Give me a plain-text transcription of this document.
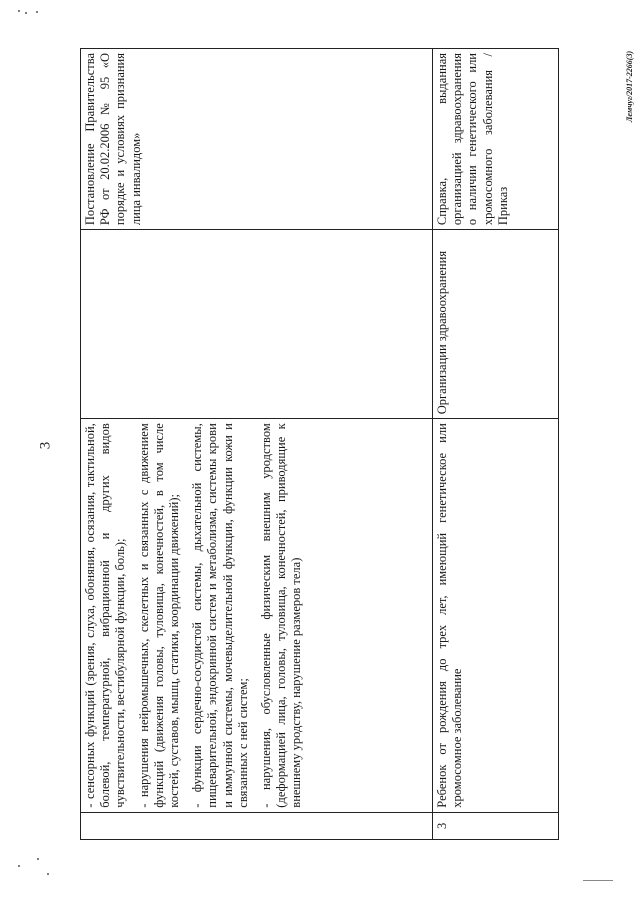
3
Лемчуг/2017-2266(3)

	- сенсорных функций (зрения, слуха, обоняния, осязания, тактильной, болевой, температурной, вибрационной и других видов чувствительности, вестибулярной функции, боль); - нарушения нейромышечных, скелетных и связанных с движением функций (движения головы, туловища, конечностей, в том числе костей, суставов, мышц, статики, координации движений); - функции сердечно-сосудистой системы, дыхательной системы, пищеварительной, эндокринной систем и метаболизма, системы крови и иммунной системы, мочевыделительной функции, функции кожи и связанных с ней систем; - нарушения, обусловленные физическим внешним уродством (деформацией лица, головы, туловища, конечностей, приводящие к внешнему уродству, нарушение размеров тела)		Постановление Правительства РФ от 20.02.2006 № 95 «О порядке и условиях признания лица инвалидом»

3	Ребенок от рождения до трех лет, имеющий генетическое или хромосомное заболевание	Организации здравоохранения	Справка, выданная организацией здравоохранения о наличии генетического или хромосомного заболевания / Приказ
